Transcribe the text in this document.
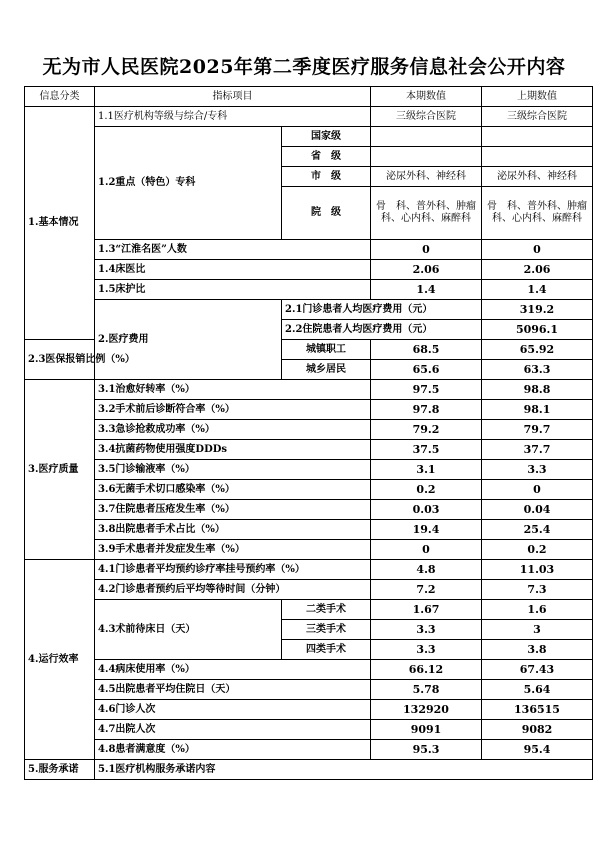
无为市人民医院2025年第二季度医疗服务信息社会公开内容
信息分类	指标项目		本期数值	上期数值	
1.基本情况	1.1医疗机构等级与综合/专科		三级综合医院	三级综合医院	
	1.2重点（特色）专科	国家级			
		省　级			
		市　级	泌尿外科、神经科	泌尿外科、神经科	
		院　级	骨　科、普外科、肿瘤科、心内科、麻醉科	骨　科、普外科、肿瘤科、心内科、麻醉科	
	1.3“江淮名医”人数		0	0	
	1.4床医比		2.06	2.06	
	1.5床护比		1.4	1.4	
	2.医疗费用	2.1门诊患者人均医疗费用（元）		319.2	
		2.2住院患者人均医疗费用（元）		5096.1	
2.3医保报销比例（%）		城镇职工	68.5	65.92	
		城乡居民	65.6	63.3	
3.医疗质量	3.1治愈好转率（%）		97.5	98.8	
	3.2手术前后诊断符合率（%）		97.8	98.1	
	3.3急诊抢救成功率（%）		79.2	79.7	
	3.4抗菌药物使用强度DDDs		37.5	37.7	
	3.5门诊输液率（%）		3.1	3.3	
	3.6无菌手术切口感染率（%）		0.2	0	
	3.7住院患者压疮发生率（%）		0.03	0.04	
	3.8出院患者手术占比（%）		19.4	25.4	
	3.9手术患者并发症发生率（%）		0	0.2	
4.运行效率	4.1门诊患者平均预约诊疗率挂号预约率（%）		4.8	11.03	
	4.2门诊患者预约后平均等待时间（分钟）		7.2	7.3	
	4.3术前待床日（天）	二类手术	1.67	1.6	
		三类手术	3.3	3	
		四类手术	3.3	3.8	
	4.4病床使用率（%）		66.12	67.43	
	4.5出院患者平均住院日（天）		5.78	5.64	
	4.6门诊人次		132920	136515	
	4.7出院人次		9091	9082	
	4.8患者满意度（%）		95.3	95.4	
5.服务承诺	5.1医疗机构服务承诺内容				
